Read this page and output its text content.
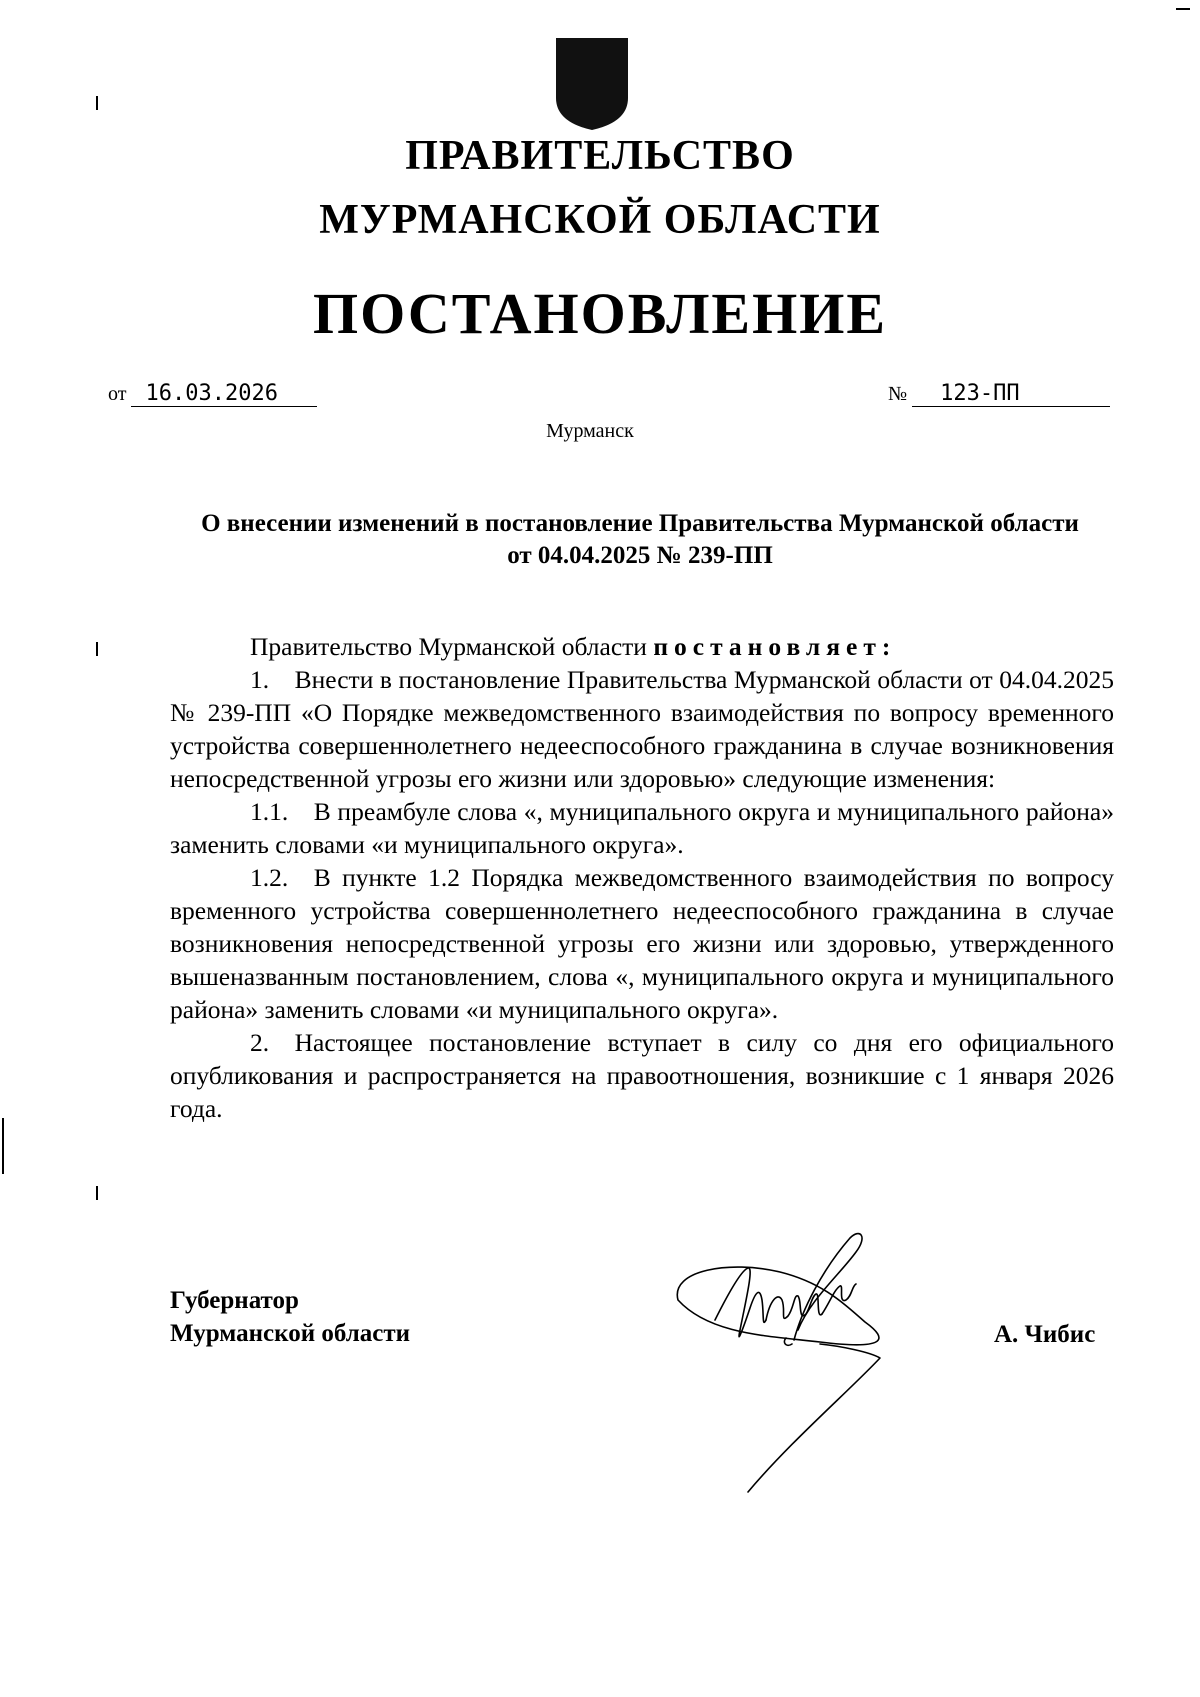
ПРАВИТЕЛЬСТВО
МУРМАНСКОЙ ОБЛАСТИ
ПОСТАНОВЛЕНИЕ
от 16.03.2026	№ 123-ПП
Мурманск
О внесении изменений в постановление Правительства Мурманской области от 04.04.2025 № 239-ПП

Правительство Мурманской области постановляет:

1. Внести в постановление Правительства Мурманской области от 04.04.2025 № 239-ПП «О Порядке межведомственного взаимодействия по вопросу временного устройства совершеннолетнего недееспособного гражданина в случае возникновения непосредственной угрозы его жизни или здоровью» следующие изменения:

1.1. В преамбуле слова «, муниципального округа и муниципального района» заменить словами «и муниципального округа».

1.2. В пункте 1.2 Порядка межведомственного взаимодействия по вопросу временного устройства совершеннолетнего недееспособного гражданина в случае возникновения непосредственной угрозы его жизни или здоровью, утвержденного вышеназванным постановлением, слова «, муниципального округа и муниципального района» заменить словами «и муниципального округа».

2. Настоящее постановление вступает в силу со дня его официального опубликования и распространяется на правоотношения, возникшие с 1 января 2026 года.

Губернатор
Мурманской области	А. Чибис
